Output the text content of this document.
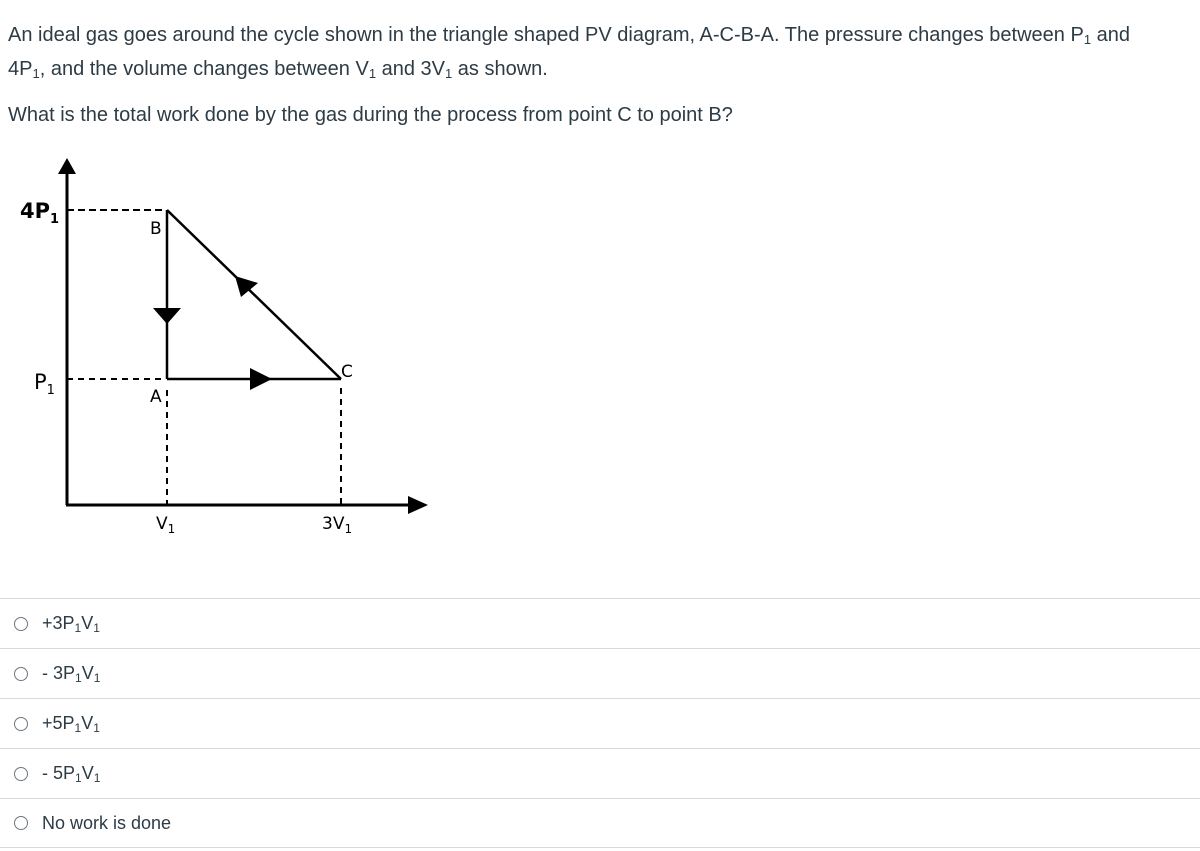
An ideal gas goes around the cycle shown in the triangle shaped PV diagram, A-C-B-A. The pressure changes between $P_1$ and
$4P_1$, and the volume changes between $V_1$ and $3V_1$ as shown.

What is the total work done by the gas during the process from point C to point B?

$4P_1$
$P_1$
B
A
C
$V_1$	$3V_1$
$+3P_1V_1$
- $3P_1V_1$
$+5P_1V_1$
- $5P_1V_1$
No work is done
